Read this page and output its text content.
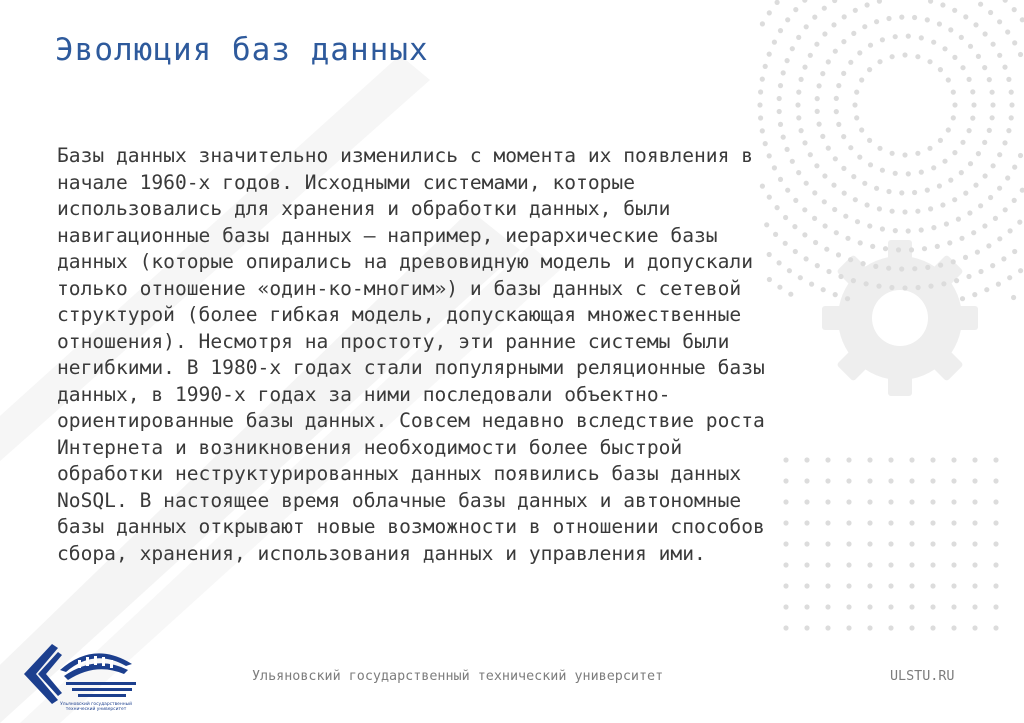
Эволюция баз данных

Базы данных значительно изменились с момента их появления в
начале 1960-х годов. Исходными системами, которые
использовались для хранения и обработки данных, были
навигационные базы данных – например, иерархические базы
данных (которые опирались на древовидную модель и допускали
только отношение «один-ко-многим») и базы данных с сетевой
структурой (более гибкая модель, допускающая множественные
отношения). Несмотря на простоту, эти ранние системы были
негибкими. В 1980-х годах стали популярными реляционные базы
данных, в 1990-х годах за ними последовали объектно-
ориентированные базы данных. Совсем недавно вследствие роста
Интернета и возникновения необходимости более быстрой
обработки неструктурированных данных появились базы данных
NoSQL. В настоящее время облачные базы данных и автономные
базы данных открывают новые возможности в отношении способов
сбора, хранения, использования данных и управления ими.

Ульяновский государственный технический университет
Ульяновский государственный технический университет	ULSTU.RU
